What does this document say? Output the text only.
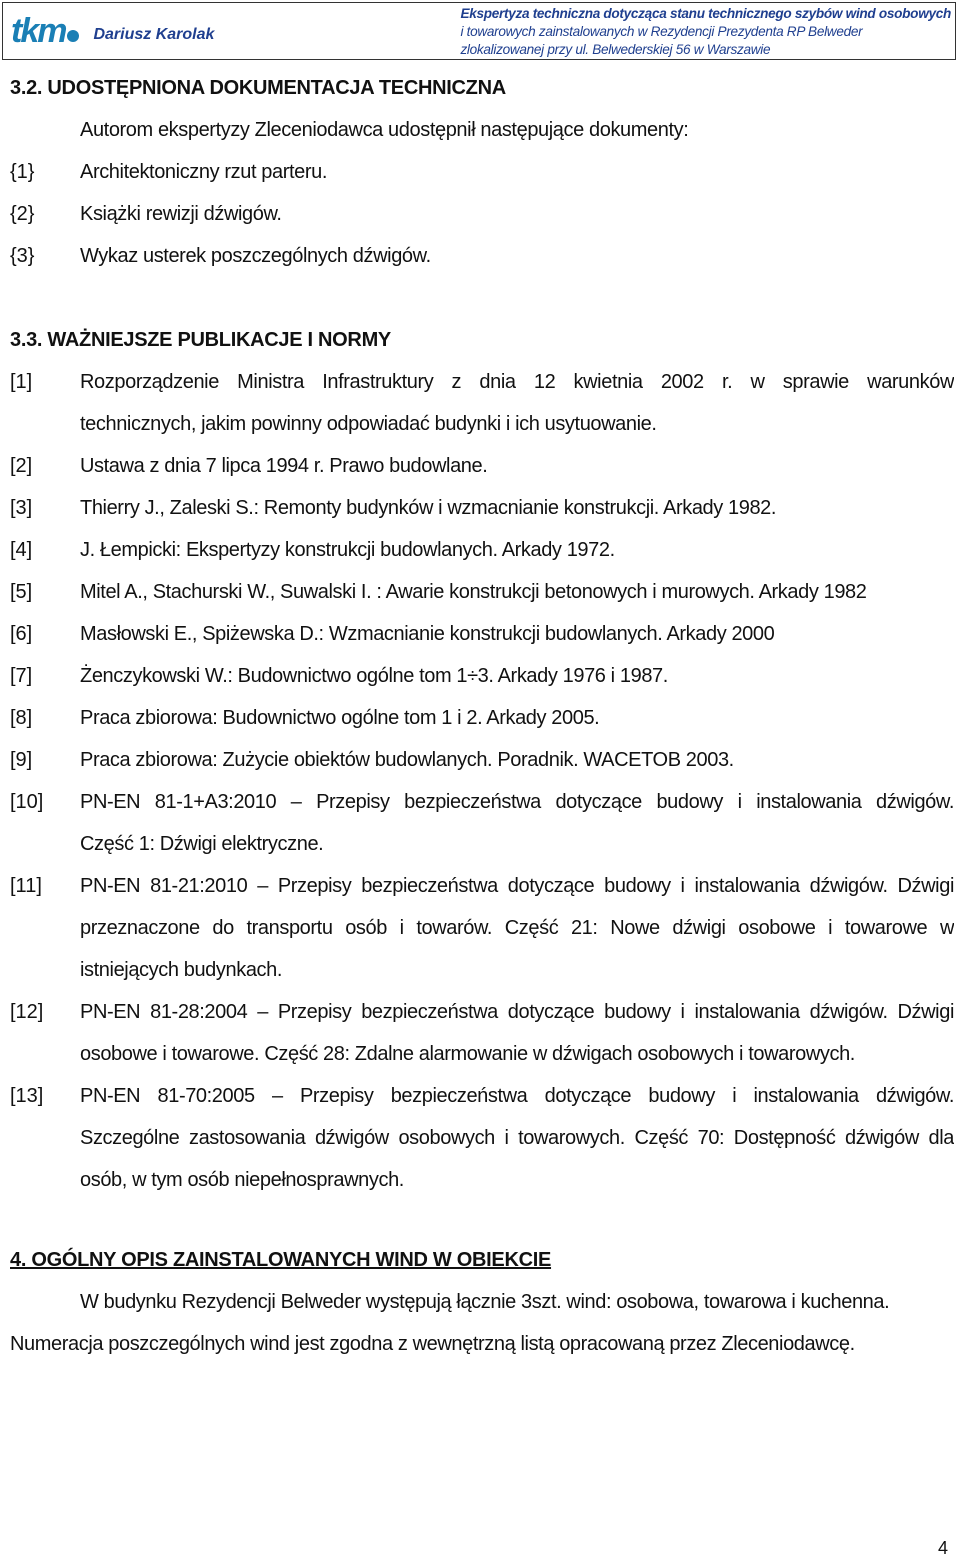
tkm Dariusz Karolak
Ekspertyza techniczna dotycząca stanu technicznego szybów wind osobowych
i towarowych zainstalowanych w Rezydencji Prezydenta RP Belweder
zlokalizowanej przy ul. Belwederskiej 56 w Warszawie
3.2. UDOSTĘPNIONA DOKUMENTACJA TECHNICZNA
Autorom ekspertyzy Zleceniodawca udostępnił następujące dokumenty:
{1} Architektoniczny rzut parteru.
{2} Książki rewizji dźwigów.
{3} Wykaz usterek poszczególnych dźwigów.
3.3. WAŻNIEJSZE PUBLIKACJE I NORMY
[1] Rozporządzenie Ministra Infrastruktury z dnia 12 kwietnia 2002 r. w sprawie warunków
technicznych, jakim powinny odpowiadać budynki i ich usytuowanie.
[2] Ustawa z dnia 7 lipca 1994 r. Prawo budowlane.
[3] Thierry J., Zaleski S.: Remonty budynków i wzmacnianie konstrukcji. Arkady 1982.
[4] J. Łempicki: Ekspertyzy konstrukcji budowlanych. Arkady 1972.
[5] Mitel A., Stachurski W., Suwalski I. : Awarie konstrukcji betonowych i murowych. Arkady 1982
[6] Masłowski E., Spiżewska D.: Wzmacnianie konstrukcji budowlanych. Arkady 2000
[7] Żenczykowski W.: Budownictwo ogólne tom 1÷3. Arkady 1976 i 1987.
[8] Praca zbiorowa: Budownictwo ogólne tom 1 i 2. Arkady 2005.
[9] Praca zbiorowa: Zużycie obiektów budowlanych. Poradnik. WACETOB 2003.
[10] PN-EN 81-1+A3:2010 – Przepisy bezpieczeństwa dotyczące budowy i instalowania dźwigów.
Część 1: Dźwigi elektryczne.
[11] PN-EN 81-21:2010 – Przepisy bezpieczeństwa dotyczące budowy i instalowania dźwigów. Dźwigi
przeznaczone do transportu osób i towarów. Część 21: Nowe dźwigi osobowe i towarowe w
istniejących budynkach.
[12] PN-EN 81-28:2004 – Przepisy bezpieczeństwa dotyczące budowy i instalowania dźwigów. Dźwigi
osobowe i towarowe. Część 28: Zdalne alarmowanie w dźwigach osobowych i towarowych.
[13] PN-EN 81-70:2005 – Przepisy bezpieczeństwa dotyczące budowy i instalowania dźwigów.
Szczególne zastosowania dźwigów osobowych i towarowych. Część 70: Dostępność dźwigów dla
osób, w tym osób niepełnosprawnych.
4. OGÓLNY OPIS ZAINSTALOWANYCH WIND W OBIEKCIE
W budynku Rezydencji Belweder występują łącznie 3szt. wind: osobowa, towarowa i kuchenna.
Numeracja poszczególnych wind jest zgodna z wewnętrzną listą opracowaną przez Zleceniodawcę.
4
